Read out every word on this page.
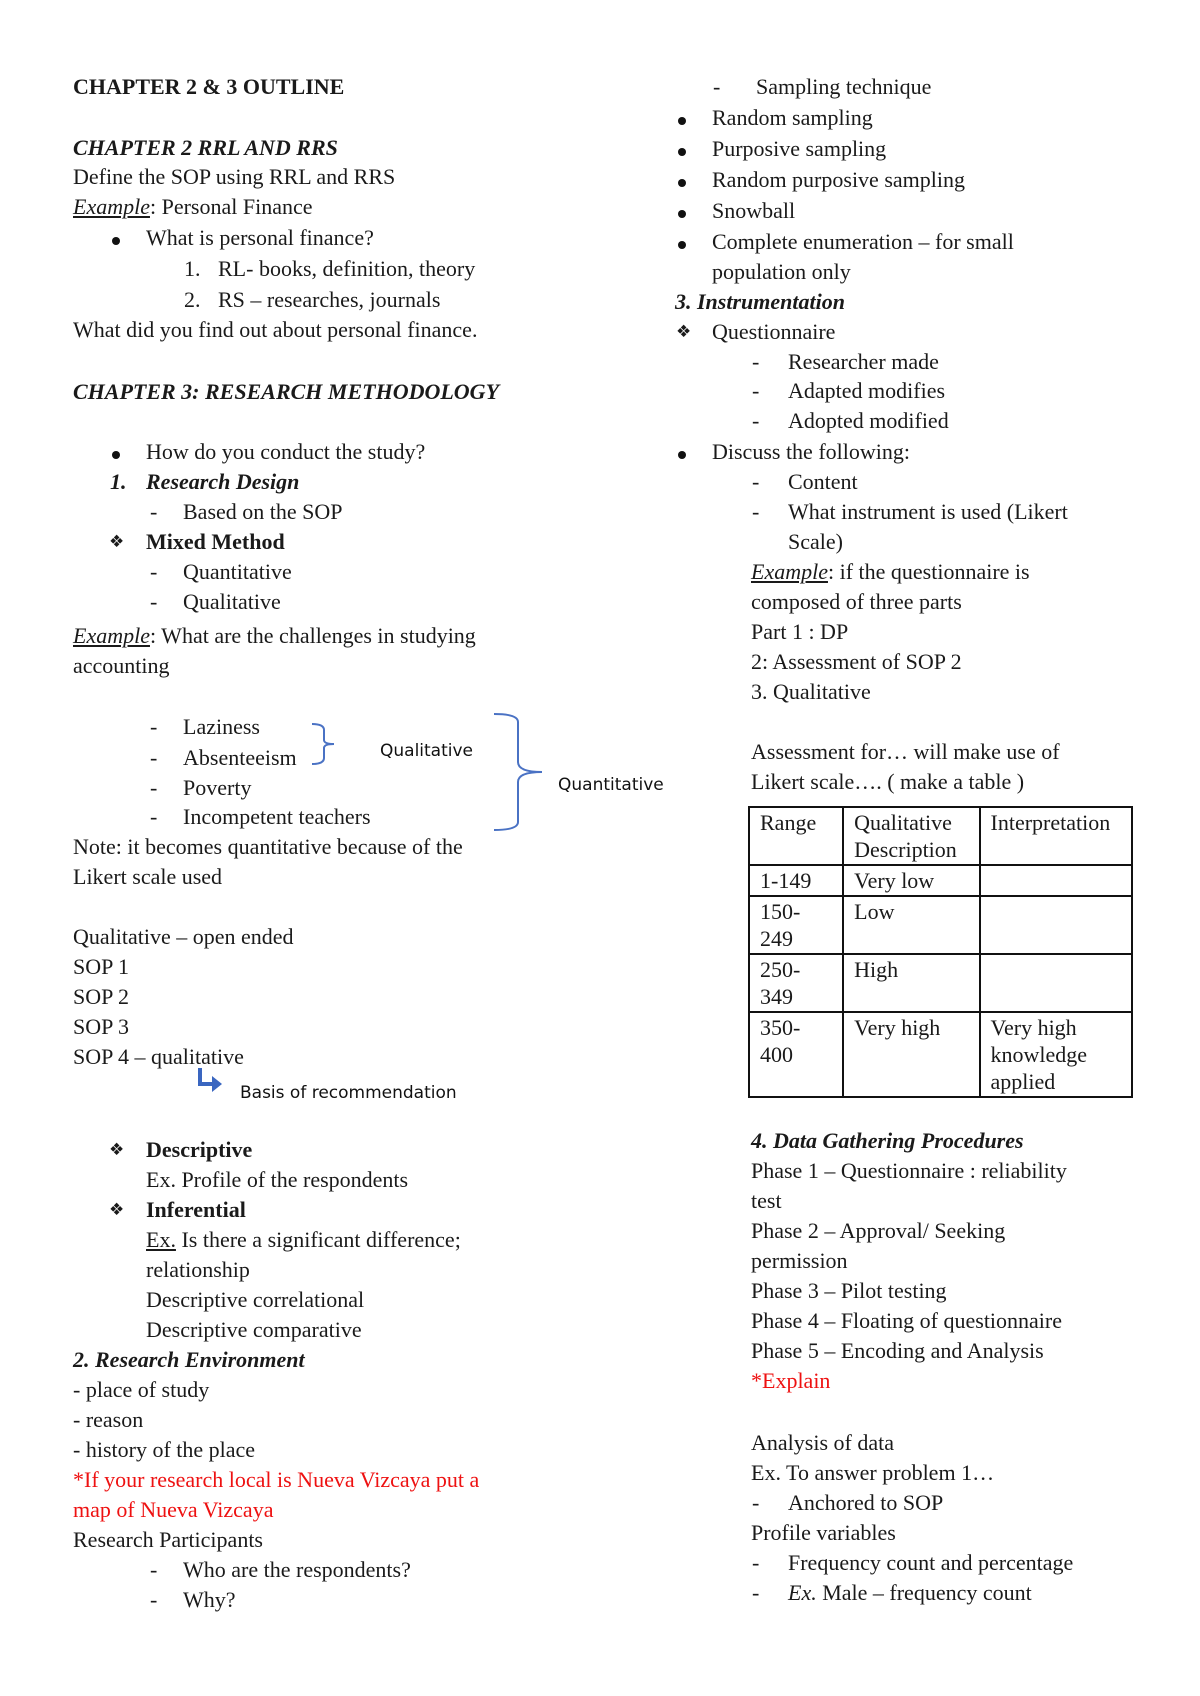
CHAPTER 2 & 3 OUTLINE
CHAPTER 2 RRL AND RRS
Define the SOP using RRL and RRS
Example: Personal Finance
What is personal finance?
1. RL- books, definition, theory
2. RS – researches, journals
What did you find out about personal finance.
CHAPTER 3: RESEARCH METHODOLOGY
How do you conduct the study?
1. Research Design
- Based on the SOP
❖ Mixed Method
- Quantitative
- Qualitative
Example: What are the challenges in studying
accounting
- Laziness
- Absenteeism
- Poverty
- Incompetent teachers
Qualitative
Quantitative
Note: it becomes quantitative because of the
Likert scale used
Qualitative – open ended
SOP 1
SOP 2
SOP 3
SOP 4 – qualitative
Basis of recommendation
❖ Descriptive
Ex. Profile of the respondents
❖ Inferential
Ex. Is there a significant difference;
relationship
Descriptive correlational
Descriptive comparative
2. Research Environment
- place of study
- reason
- history of the place
*If your research local is Nueva Vizcaya put a
map of Nueva Vizcaya
Research Participants
- Who are the respondents?
- Why?
- Sampling technique
Random sampling
Purposive sampling
Random purposive sampling
Snowball
Complete enumeration – for small
population only
3. Instrumentation
❖ Questionnaire
- Researcher made
- Adapted modifies
- Adopted modified
Discuss the following:
- Content
- What instrument is used (Likert
Scale)
Example: if the questionnaire is
composed of three parts
Part 1 : DP
2: Assessment of SOP 2
3. Qualitative
Assessment for… will make use of
Likert scale…. ( make a table )
Range	Qualitative Description	Interpretation
1-149	Very low	
150-249	Low	
250-349	High	
350-400	Very high	Very high knowledge applied
4. Data Gathering Procedures
Phase 1 – Questionnaire : reliability
test
Phase 2 – Approval/ Seeking
permission
Phase 3 – Pilot testing
Phase 4 – Floating of questionnaire
Phase 5 – Encoding and Analysis
*Explain
Analysis of data
Ex. To answer problem 1…
- Anchored to SOP
Profile variables
- Frequency count and percentage
- Ex. Male – frequency count
